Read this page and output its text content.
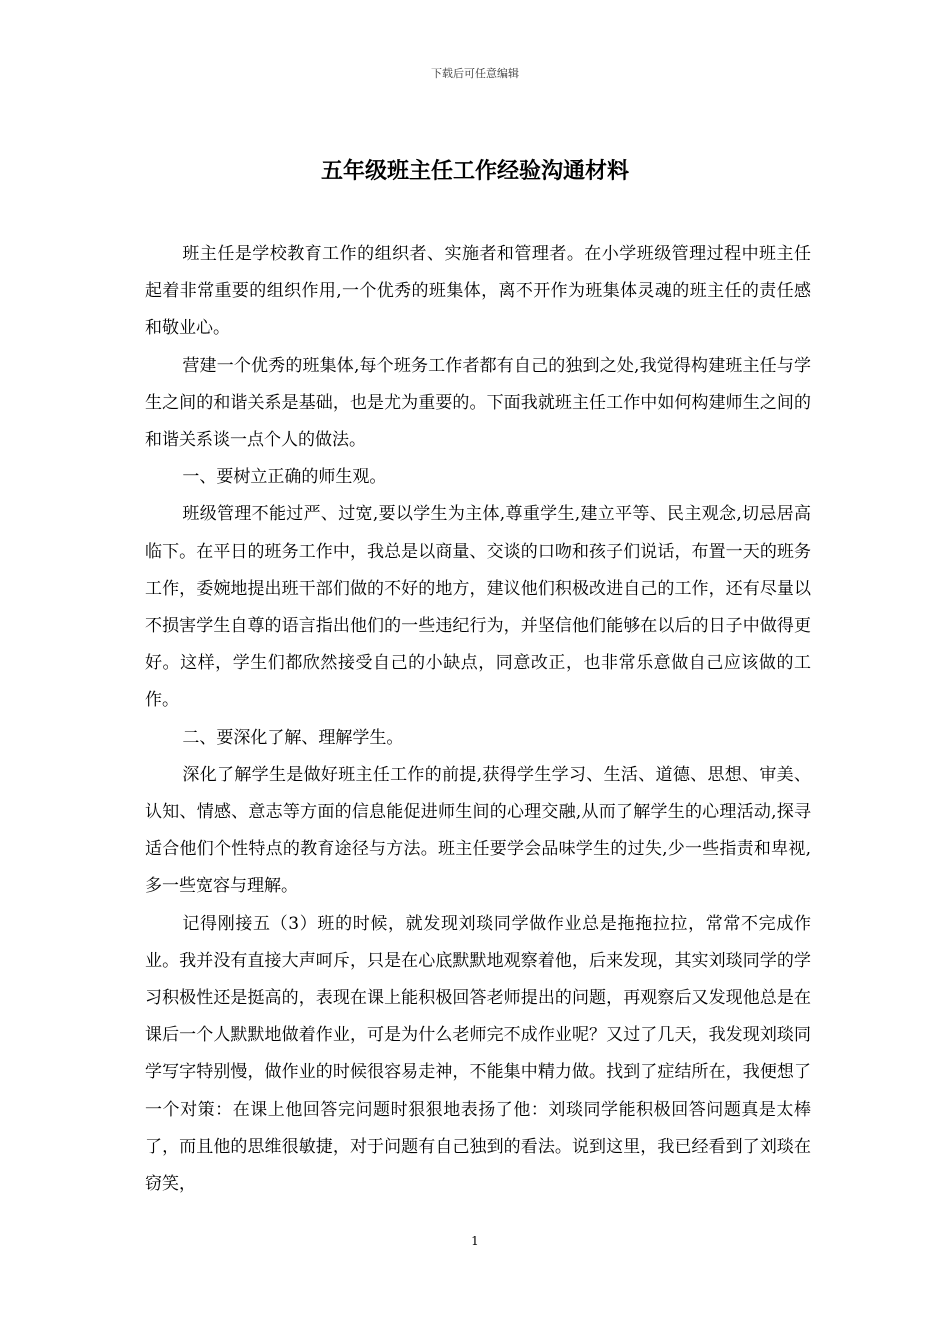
下载后可任意编辑
五年级班主任工作经验沟通材料

班主任是学校教育工作的组织者、实施者和管理者。在小学班级管理过程中班主任起着非常重要的组织作用,一个优秀的班集体，离不开作为班集体灵魂的班主任的责任感和敬业心。

营建一个优秀的班集体,每个班务工作者都有自己的独到之处,我觉得构建班主任与学生之间的和谐关系是基础，也是尤为重要的。下面我就班主任工作中如何构建师生之间的和谐关系谈一点个人的做法。

一、要树立正确的师生观。

班级管理不能过严、过宽,要以学生为主体,尊重学生,建立平等、民主观念,切忌居高临下。在平日的班务工作中，我总是以商量、交谈的口吻和孩子们说话，布置一天的班务工作，委婉地提出班干部们做的不好的地方，建议他们积极改进自己的工作，还有尽量以不损害学生自尊的语言指出他们的一些违纪行为，并坚信他们能够在以后的日子中做得更好。这样，学生们都欣然接受自己的小缺点，同意改正，也非常乐意做自己应该做的工作。

二、要深化了解、理解学生。

深化了解学生是做好班主任工作的前提,获得学生学习、生活、道德、思想、审美、认知、情感、意志等方面的信息能促进师生间的心理交融,从而了解学生的心理活动,探寻适合他们个性特点的教育途径与方法。班主任要学会品味学生的过失,少一些指责和卑视,多一些宽容与理解。

记得刚接五（3）班的时候，就发现刘琰同学做作业总是拖拖拉拉，常常不完成作业。我并没有直接大声呵斥，只是在心底默默地观察着他，后来发现，其实刘琰同学的学习积极性还是挺高的，表现在课上能积极回答老师提出的问题，再观察后又发现他总是在课后一个人默默地做着作业，可是为什么老师完不成作业呢？又过了几天，我发现刘琰同学写字特别慢，做作业的时候很容易走神，不能集中精力做。找到了症结所在，我便想了一个对策：在课上他回答完问题时狠狠地表扬了他：刘琰同学能积极回答问题真是太棒了，而且他的思维很敏捷，对于问题有自己独到的看法。说到这里，我已经看到了刘琰在窃笑，

1
